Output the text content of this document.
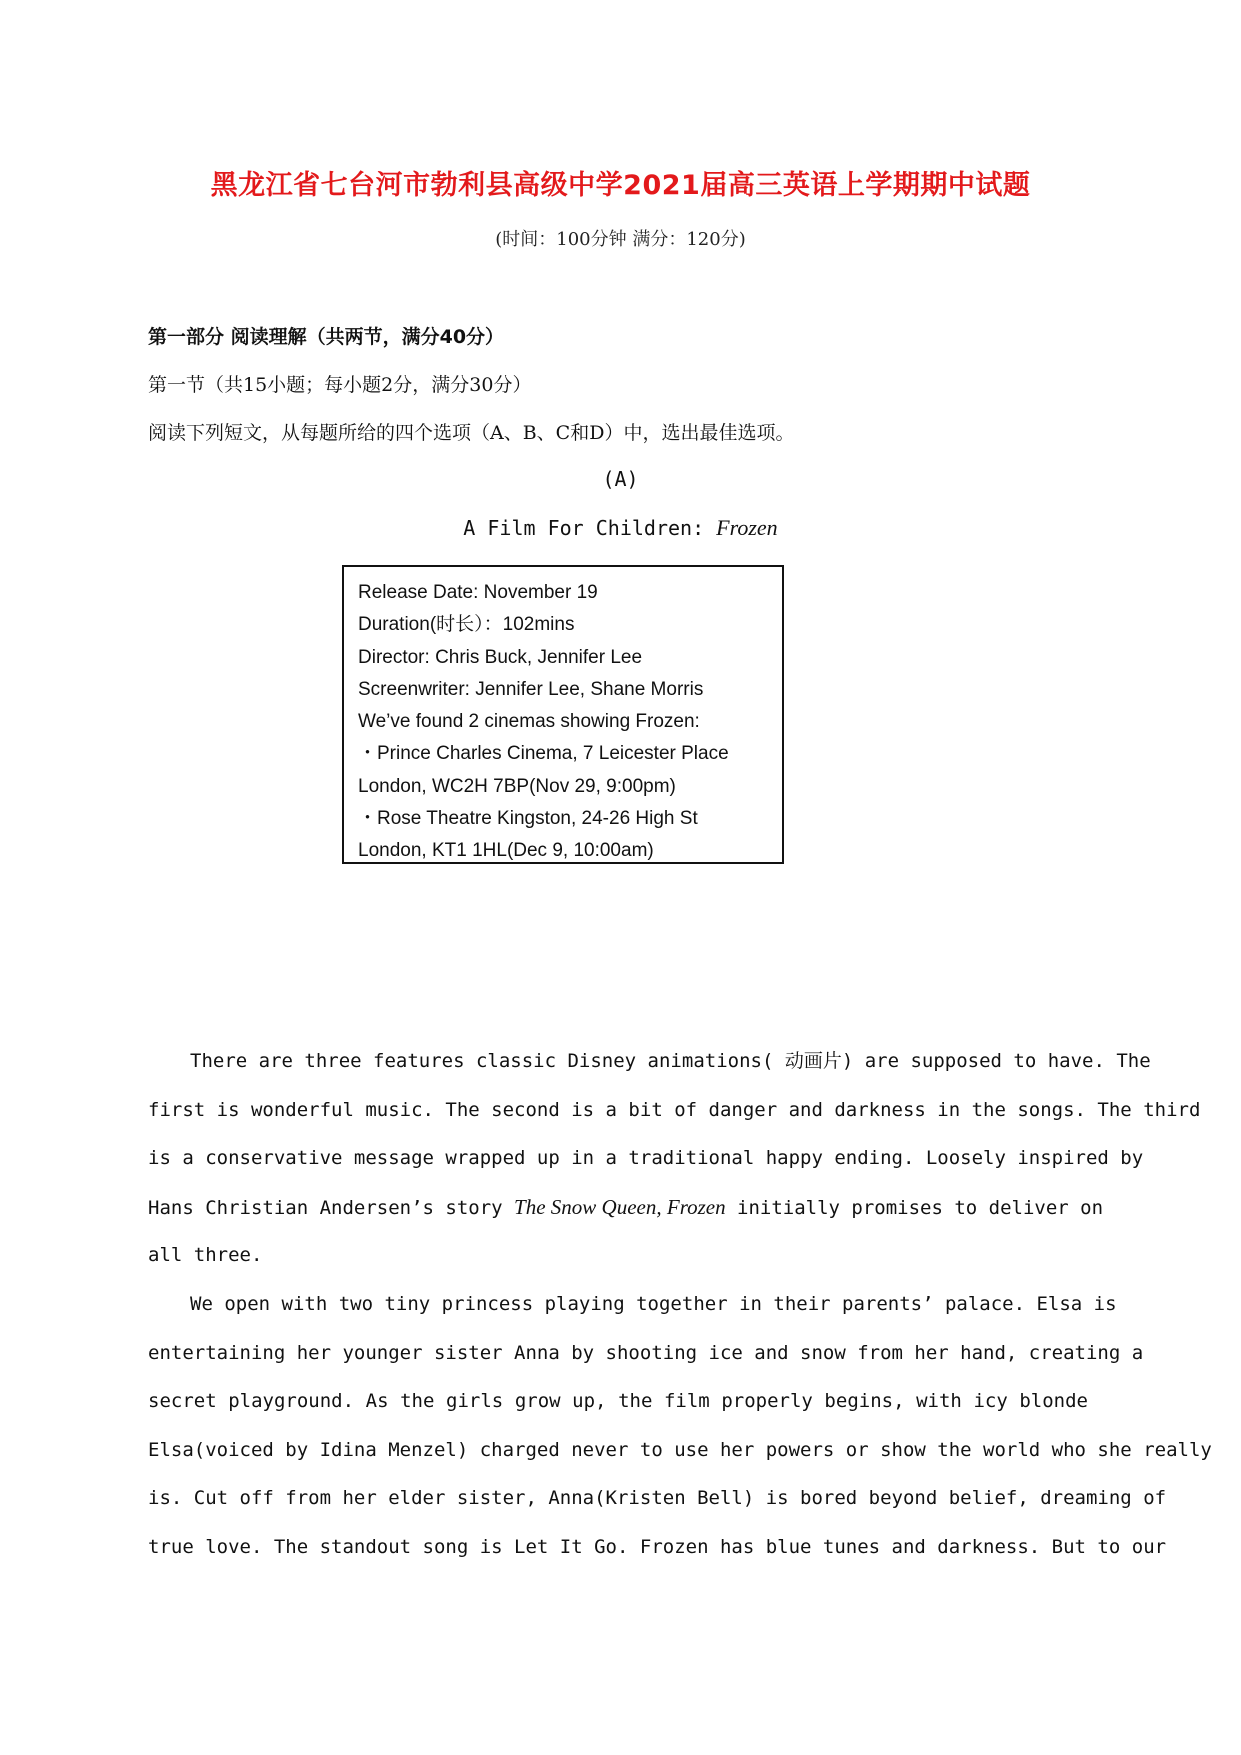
黑龙江省七台河市勃利县高级中学2021届高三英语上学期期中试题
(时间：100分钟 满分：120分)
第一部分 阅读理解（共两节，满分40分）
第一节（共15小题；每小题2分，满分30分）
阅读下列短文，从每题所给的四个选项（A、B、C和D）中，选出最佳选项。
(A)
A Film For Children: Frozen
Release Date: November 19
Duration(时长）：102mins
Director: Chris Buck, Jennifer Lee
Screenwriter: Jennifer Lee, Shane Morris
We’ve found 2 cinemas showing Frozen:
・Prince Charles Cinema, 7 Leicester Place
London, WC2H 7BP(Nov 29, 9:00pm)
・Rose Theatre Kingston, 24-26 High St
London, KT1 1HL(Dec 9, 10:00am)
There are three features classic Disney animations( 动画片) are supposed to have. The
first is wonderful music. The second is a bit of danger and darkness in the songs. The third
is a conservative message wrapped up in a traditional happy ending. Loosely inspired by
Hans Christian Andersen’s story The Snow Queen, Frozen initially promises to deliver on
all three.
We open with two tiny princess playing together in their parents’ palace. Elsa is
entertaining her younger sister Anna by shooting ice and snow from her hand, creating a
secret playground. As the girls grow up, the film properly begins, with icy blonde
Elsa(voiced by Idina Menzel) charged never to use her powers or show the world who she really
is. Cut off from her elder sister, Anna(Kristen Bell) is bored beyond belief, dreaming of
true love. The standout song is Let It Go. Frozen has blue tunes and darkness. But to our
